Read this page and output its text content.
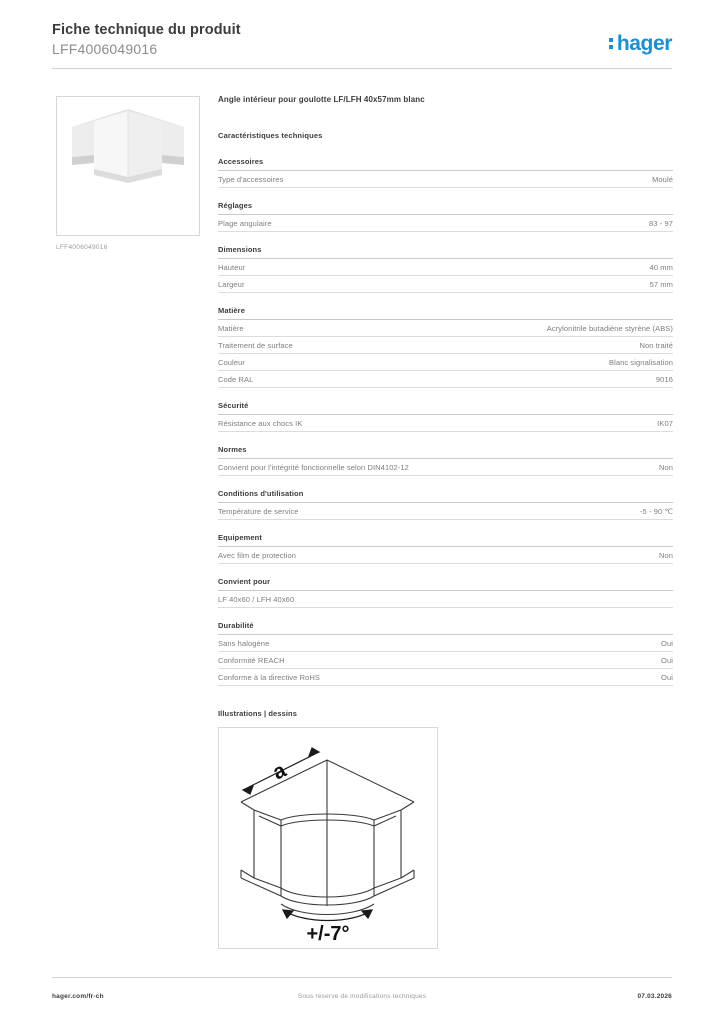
Fiche technique du produit
LFF4006049016	hager
LFF4006049016
Angle intérieur pour goulotte LF/LFH 40x57mm blanc
Caractéristiques techniques
Accessoires
Type d'accessoires	Moulé
Réglages
Plage angulaire	83 - 97
Dimensions
Hauteur	40 mm
Largeur	57 mm
Matière
Matière	Acrylonitrile butadiène styrène (ABS)
Traitement de surface	Non traité
Couleur	Blanc signalisation
Code RAL	9016
Sécurité
Résistance aux chocs IK	IK07
Normes
Convient pour l'intégrité fonctionnelle selon DIN4102-12	Non
Conditions d'utilisation
Température de service	-5 - 90 ℃
Equipement
Avec film de protection	Non
Convient pour
LF 40x60 / LFH 40x60
Durabilité
Sans halogène	Oui
Conformité REACH	Oui
Conforme à la directive RoHS	Oui
Illustrations | dessins
a
+/-7°
hager.com/fr-ch	Sous réserve de modifications techniques	07.03.2026
